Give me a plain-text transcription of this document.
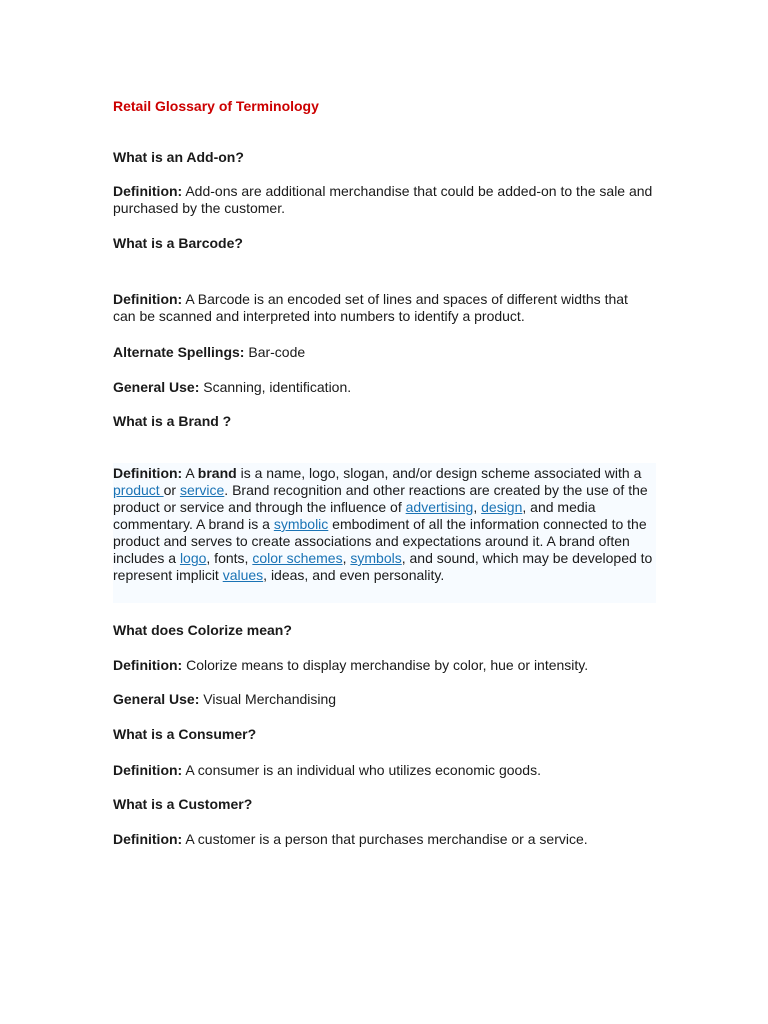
Retail Glossary of Terminology
What is an Add-on?
Definition: Add-ons are additional merchandise that could be added-on to the sale and purchased by the customer.
What is a Barcode?
Definition: A Barcode is an encoded set of lines and spaces of different widths that can be scanned and interpreted into numbers to identify a product.
Alternate Spellings: Bar-code
General Use: Scanning, identification.
What is a Brand ?
Definition: A brand is a name, logo, slogan, and/or design scheme associated with a product or service. Brand recognition and other reactions are created by the use of the product or service and through the influence of advertising, design, and media commentary. A brand is a symbolic embodiment of all the information connected to the product and serves to create associations and expectations around it. A brand often includes a logo, fonts, color schemes, symbols, and sound, which may be developed to represent implicit values, ideas, and even personality.
What does Colorize mean?
Definition: Colorize means to display merchandise by color, hue or intensity.
General Use: Visual Merchandising
What is a Consumer?
Definition: A consumer is an individual who utilizes economic goods.
What is a Customer?
Definition: A customer is a person that purchases merchandise or a service.
